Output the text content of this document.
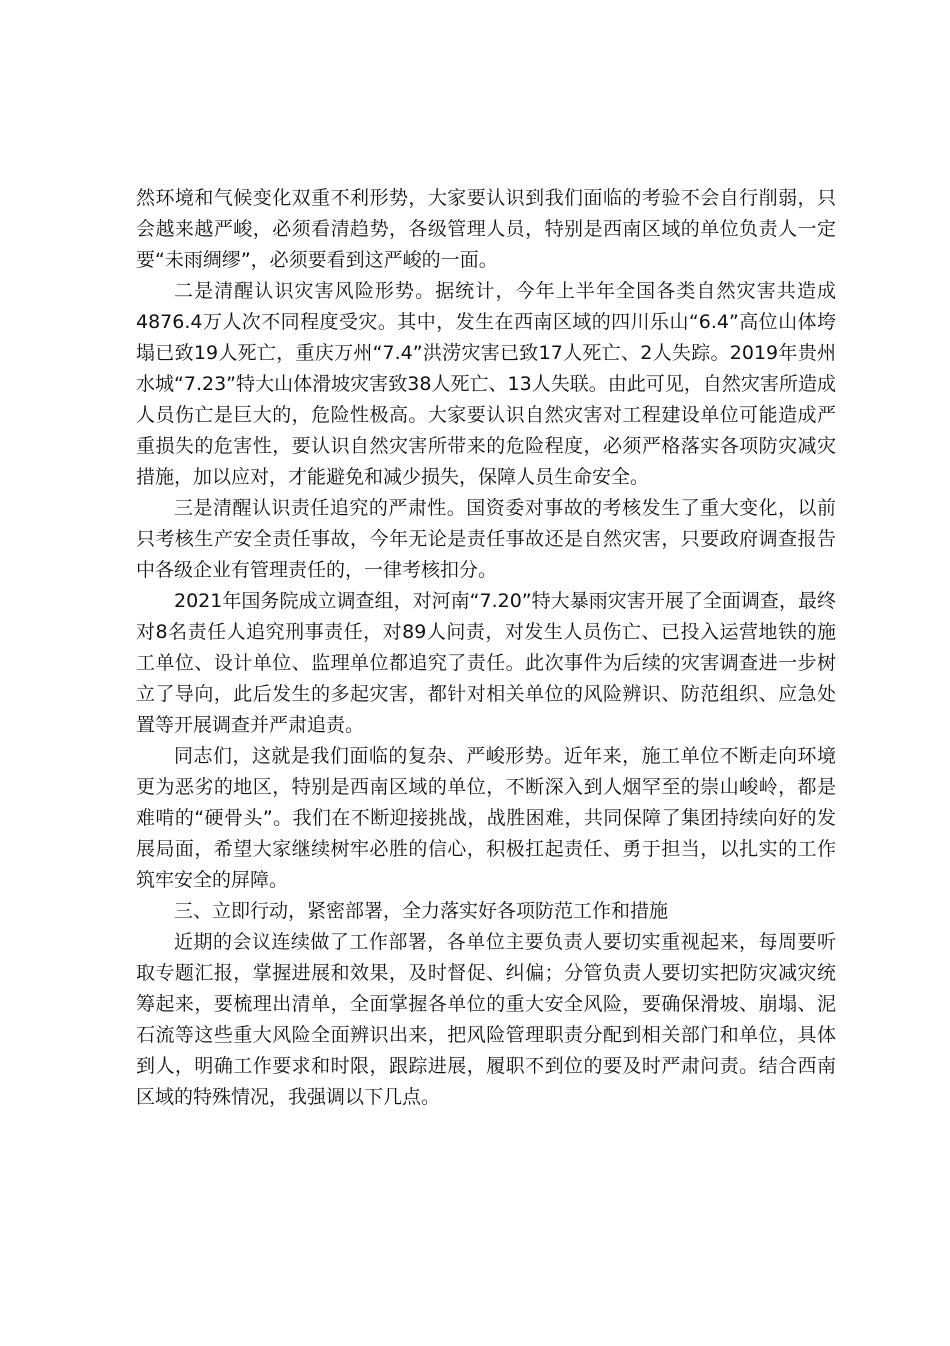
然环境和气候变化双重不利形势，大家要认识到我们面临的考验不会自行削弱，只会越来越严峻，必须看清趋势，各级管理人员，特别是西南区域的单位负责人一定要“未雨绸缪”，必须要看到这严峻的一面。

二是清醒认识灾害风险形势。据统计，今年上半年全国各类自然灾害共造成4876.4万人次不同程度受灾。其中，发生在西南区域的四川乐山“6.4”高位山体垮塌已致19人死亡，重庆万州“7.4”洪涝灾害已致17人死亡、2人失踪。2019年贵州水城“7.23”特大山体滑坡灾害致38人死亡、13人失联。由此可见，自然灾害所造成人员伤亡是巨大的，危险性极高。大家要认识自然灾害对工程建设单位可能造成严重损失的危害性，要认识自然灾害所带来的危险程度，必须严格落实各项防灾减灾措施，加以应对，才能避免和减少损失，保障人员生命安全。

三是清醒认识责任追究的严肃性。国资委对事故的考核发生了重大变化，以前只考核生产安全责任事故，今年无论是责任事故还是自然灾害，只要政府调查报告中各级企业有管理责任的，一律考核扣分。

2021年国务院成立调查组，对河南“7.20”特大暴雨灾害开展了全面调查，最终对8名责任人追究刑事责任，对89人问责，对发生人员伤亡、已投入运营地铁的施工单位、设计单位、监理单位都追究了责任。此次事件为后续的灾害调查进一步树立了导向，此后发生的多起灾害，都针对相关单位的风险辨识、防范组织、应急处置等开展调查并严肃追责。

同志们，这就是我们面临的复杂、严峻形势。近年来，施工单位不断走向环境更为恶劣的地区，特别是西南区域的单位，不断深入到人烟罕至的崇山峻岭，都是难啃的“硬骨头”。我们在不断迎接挑战，战胜困难，共同保障了集团持续向好的发展局面，希望大家继续树牢必胜的信心，积极扛起责任、勇于担当，以扎实的工作筑牢安全的屏障。

三、立即行动，紧密部署，全力落实好各项防范工作和措施

近期的会议连续做了工作部署，各单位主要负责人要切实重视起来，每周要听取专题汇报，掌握进展和效果，及时督促、纠偏；分管负责人要切实把防灾减灾统筹起来，要梳理出清单，全面掌握各单位的重大安全风险，要确保滑坡、崩塌、泥石流等这些重大风险全面辨识出来，把风险管理职责分配到相关部门和单位，具体到人，明确工作要求和时限，跟踪进展，履职不到位的要及时严肃问责。结合西南区域的特殊情况，我强调以下几点。
